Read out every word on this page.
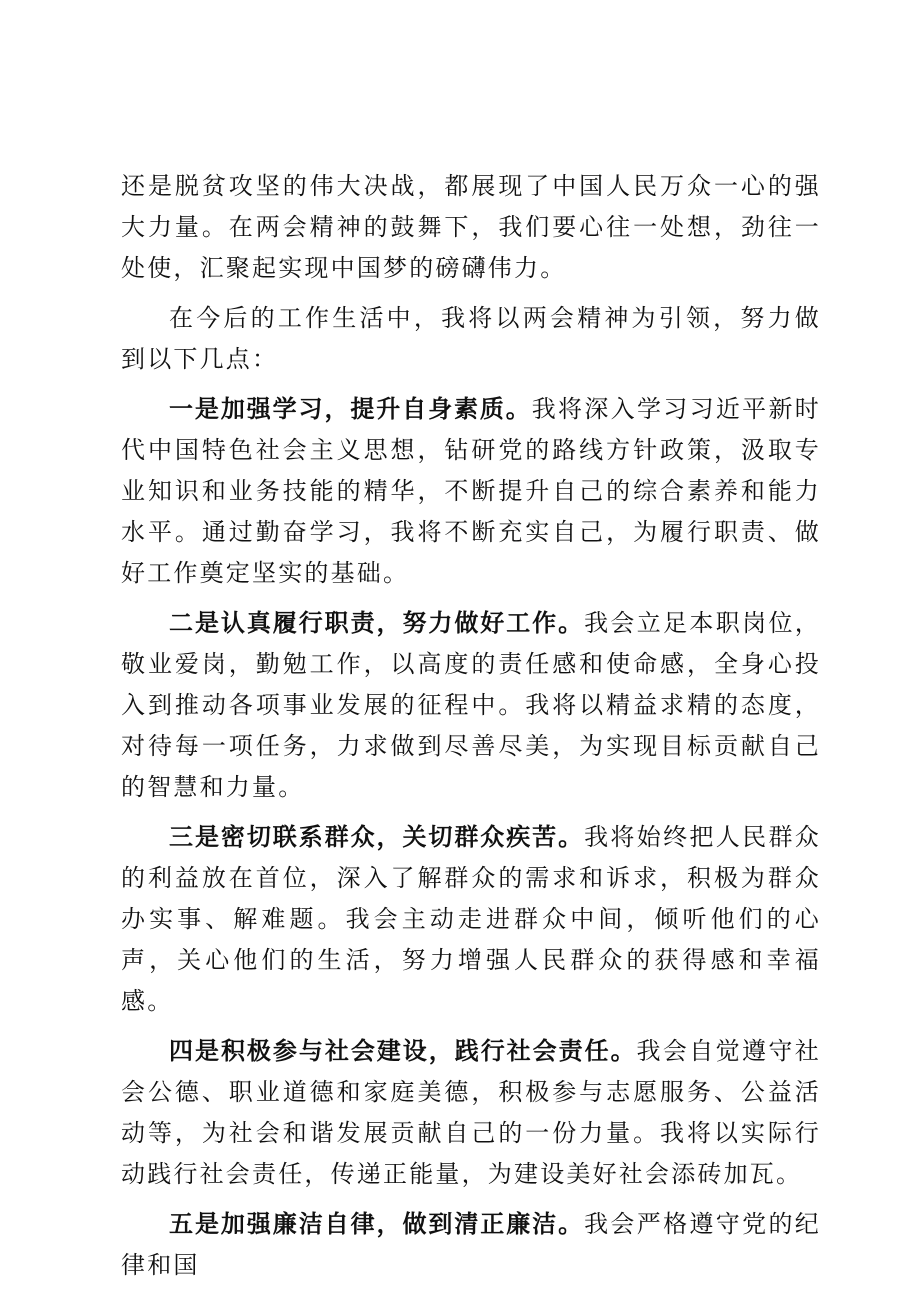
还是脱贫攻坚的伟大决战，都展现了中国人民万众一心的强大力量。在两会精神的鼓舞下，我们要心往一处想，劲往一处使，汇聚起实现中国梦的磅礴伟力。

在今后的工作生活中，我将以两会精神为引领，努力做到以下几点：

一是加强学习，提升自身素质。我将深入学习习近平新时代中国特色社会主义思想，钻研党的路线方针政策，汲取专业知识和业务技能的精华，不断提升自己的综合素养和能力水平。通过勤奋学习，我将不断充实自己，为履行职责、做好工作奠定坚实的基础。

二是认真履行职责，努力做好工作。我会立足本职岗位，敬业爱岗，勤勉工作，以高度的责任感和使命感，全身心投入到推动各项事业发展的征程中。我将以精益求精的态度，对待每一项任务，力求做到尽善尽美，为实现目标贡献自己的智慧和力量。

三是密切联系群众，关切群众疾苦。我将始终把人民群众的利益放在首位，深入了解群众的需求和诉求，积极为群众办实事、解难题。我会主动走进群众中间，倾听他们的心声，关心他们的生活，努力增强人民群众的获得感和幸福感。

四是积极参与社会建设，践行社会责任。我会自觉遵守社会公德、职业道德和家庭美德，积极参与志愿服务、公益活动等，为社会和谐发展贡献自己的一份力量。我将以实际行动践行社会责任，传递正能量，为建设美好社会添砖加瓦。

五是加强廉洁自律，做到清正廉洁。我会严格遵守党的纪律和国
